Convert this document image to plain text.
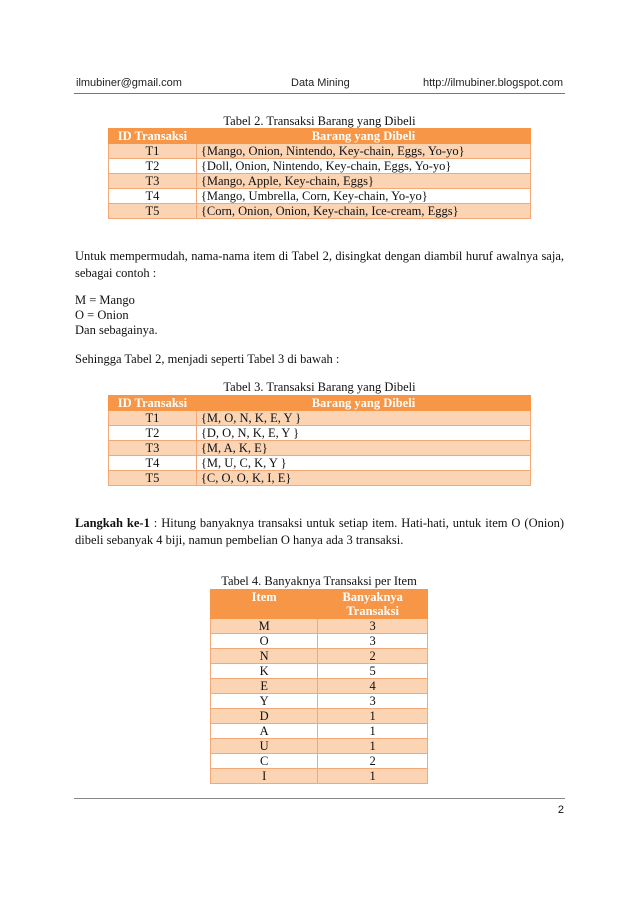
ilmubiner@gmail.com	Data Mining	http://ilmubiner.blogspot.com
Tabel 2. Transaksi Barang yang Dibeli
ID Transaksi	Barang yang Dibeli
T1	{Mango, Onion, Nintendo, Key-chain, Eggs, Yo-yo}
T2	{Doll, Onion, Nintendo, Key-chain, Eggs, Yo-yo}
T3	{Mango, Apple, Key-chain, Eggs}
T4	{Mango, Umbrella, Corn, Key-chain, Yo-yo}
T5	{Corn, Onion, Onion, Key-chain, Ice-cream, Eggs}

Untuk mempermudah, nama-nama item di Tabel 2, disingkat dengan diambil huruf awalnya saja, sebagai contoh :

M = Mango

O = Onion

Dan sebagainya.

Sehingga Tabel 2, menjadi seperti Tabel 3 di bawah :

Tabel 3. Transaksi Barang yang Dibeli
ID Transaksi	Barang yang Dibeli
T1	{M, O, N, K, E, Y }
T2	{D, O, N, K, E, Y }
T3	{M, A, K, E}
T4	{M, U, C, K, Y }
T5	{C, O, O, K, I, E}

Langkah ke-1 : Hitung banyaknya transaksi untuk setiap item. Hati-hati, untuk item O (Onion) dibeli sebanyak 4 biji, namun pembelian O hanya ada 3 transaksi.

Tabel 4. Banyaknya Transaksi per Item
Item	Banyaknya
Transaksi

M	3
O	3
N	2
K	5
E	4
Y	3
D	1
A	1
U	1
C	2
I	1
2
